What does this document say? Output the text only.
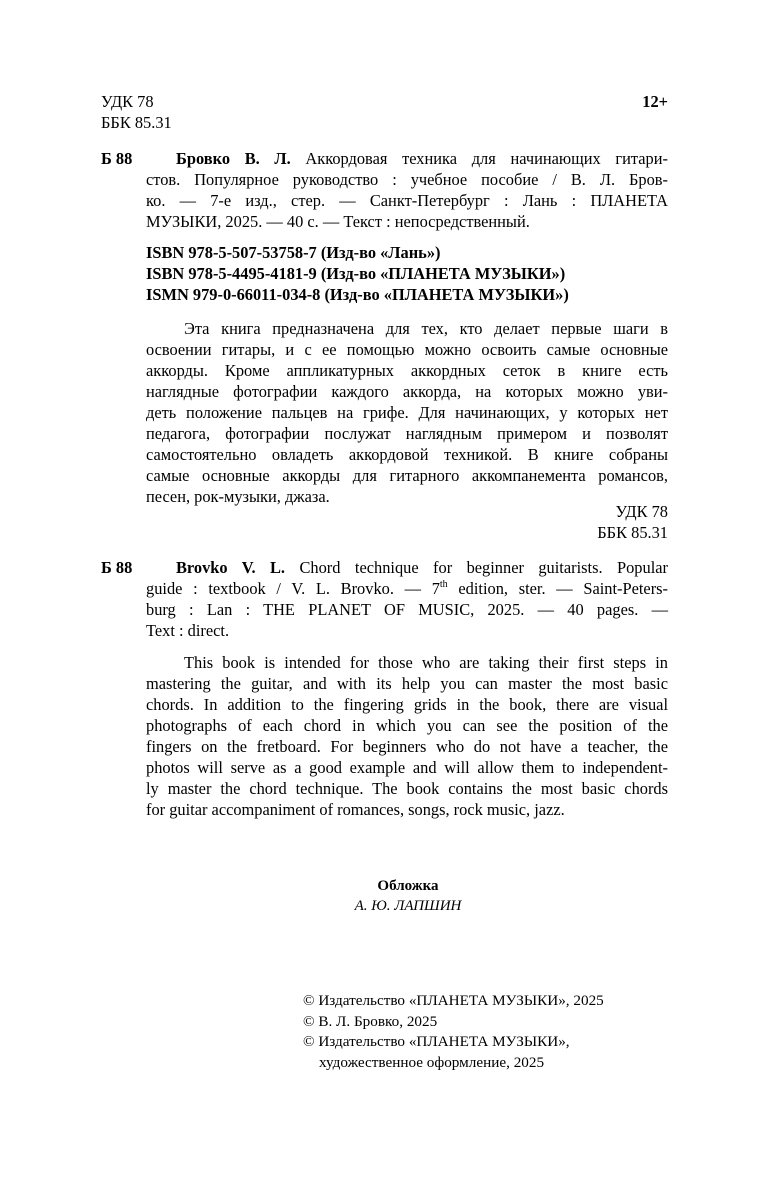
УДК 78
ББК 85.31
12+
Б 88	Бровко В. Л. Аккордовая техника для начинающих гитари-
стов. Популярное руководство : учебное пособие / В. Л. Бров-
ко. — 7-е изд., стер. — Санкт-Петербург : Лань : ПЛАНЕТА
МУЗЫКИ, 2025. — 40 с. — Текст : непосредственный.
ISBN 978-5-507-53758-7 (Изд-во «Лань»)
ISBN 978-5-4495-4181-9 (Изд-во «ПЛАНЕТА МУЗЫКИ»)
ISMN 979-0-66011-034-8 (Изд-во «ПЛАНЕТА МУЗЫКИ»)
Эта книга предназначена для тех, кто делает первые шаги в
освоении гитары, и с ее помощью можно освоить самые основные
аккорды. Кроме аппликатурных аккордных сеток в книге есть
наглядные фотографии каждого аккорда, на которых можно уви-
деть положение пальцев на грифе. Для начинающих, у которых нет
педагога, фотографии послужат наглядным примером и позволят
самостоятельно овладеть аккордовой техникой. В книге собраны
самые основные аккорды для гитарного аккомпанемента романсов,
песен, рок-музыки, джаза.
УДК 78
ББК 85.31
Б 88	Brovko V. L. Chord technique for beginner guitarists. Popular
guide : textbook / V. L. Brovko. — 7th edition, ster. — Saint-Peters-
burg : Lan : THE PLANET OF MUSIC, 2025. — 40 pages. —
Text : direct.
This book is intended for those who are taking their first steps in
mastering the guitar, and with its help you can master the most basic
chords. In addition to the fingering grids in the book, there are visual
photographs of each chord in which you can see the position of the
fingers on the fretboard. For beginners who do not have a teacher, the
photos will serve as a good example and will allow them to independent-
ly master the chord technique. The book contains the most basic chords
for guitar accompaniment of romances, songs, rock music, jazz.
Обложка
А. Ю. ЛАПШИН
© Издательство «ПЛАНЕТА МУЗЫКИ», 2025
© В. Л. Бровко, 2025
© Издательство «ПЛАНЕТА МУЗЫКИ»,
художественное оформление, 2025
